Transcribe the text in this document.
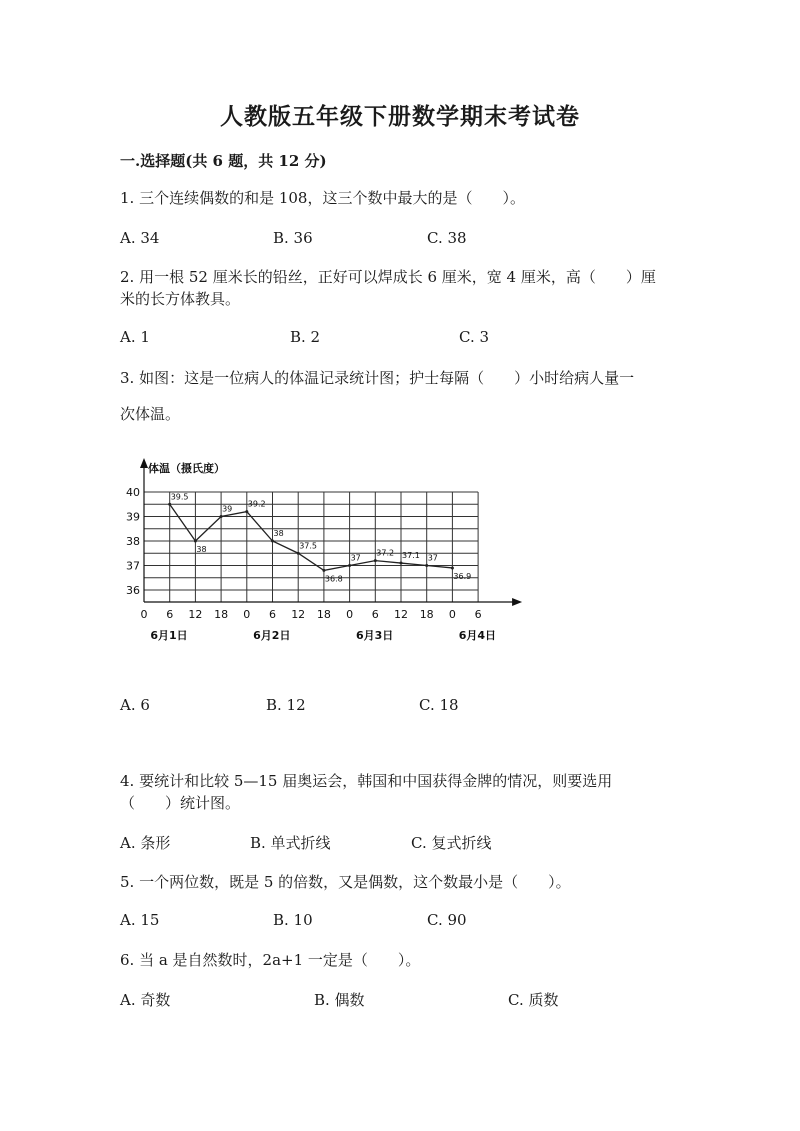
人教版五年级下册数学期末考试卷
一.选择题(共 6 题，共 12 分)
1. 三个连续偶数的和是 108，这三个数中最大的是（　　）。
A. 34	B. 36	C. 38
2. 用一根 52 厘米长的铅丝，正好可以焊成长 6 厘米，宽 4 厘米，高（　　）厘
米的长方体教具。
A. 1	B. 2	C. 3
3. 如图：这是一位病人的体温记录统计图；护士每隔（　　）小时给病人量一
次体温。
体温（摄氏度）
40
39
38
37
36
0 6 12 18 0 6 12 18 0 6 12 18 0 6
6月1日	6月2日	6月3日	6月4日
39.5
38
39
39.2
38
37.5
36.8
37
37.2 37.1 37
36.9
A. 6	B. 12	C. 18
4. 要统计和比较 5—15 届奥运会，韩国和中国获得金牌的情况，则要选用
（　　）统计图。
A. 条形	B. 单式折线	C. 复式折线
5. 一个两位数，既是 5 的倍数，又是偶数，这个数最小是（　　）。
A. 15	B. 10	C. 90
6. 当 a 是自然数时，2a+1 一定是（　　）。
A. 奇数	B. 偶数	C. 质数
